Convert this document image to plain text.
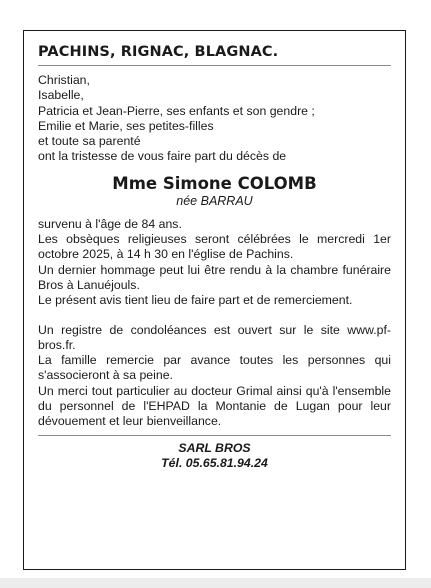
PACHINS, RIGNAC, BLAGNAC.
Christian,
Isabelle,
Patricia et Jean-Pierre, ses enfants et son gendre ;
Emilie et Marie, ses petites-filles
et toute sa parenté
ont la tristesse de vous faire part du décès de
Mme Simone COLOMB
née BARRAU
survenu à l'âge de 84 ans.
Les obsèques religieuses seront célébrées le mercredi 1er octobre 2025, à 14 h 30 en l'église de Pachins.
Un dernier hommage peut lui être rendu à la chambre funéraire Bros à Lanuéjouls.
Le présent avis tient lieu de faire part et de remerciement.
Un registre de condoléances est ouvert sur le site www.pf-bros.fr.
La famille remercie par avance toutes les personnes qui s'associeront à sa peine.
Un merci tout particulier au docteur Grimal ainsi qu'à l'ensemble du personnel de l'EHPAD la Montanie de Lugan pour leur dévouement et leur bienveillance.
SARL BROS
Tél. 05.65.81.94.24
